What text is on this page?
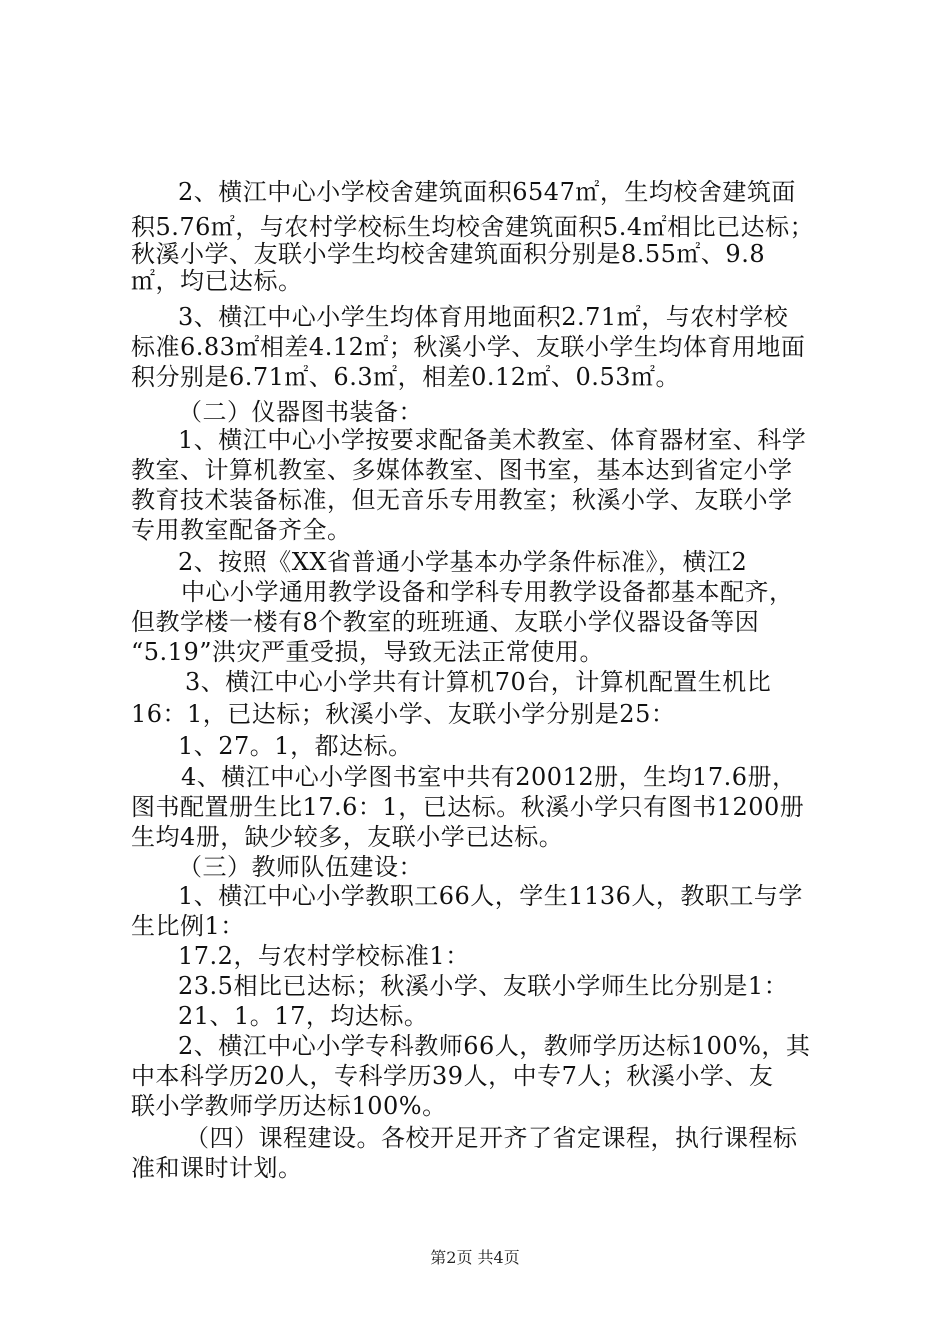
2、横江中心小学校舍建筑面积6547㎡，生均校舍建筑面
积5.76㎡，与农村学校标生均校舍建筑面积5.4㎡相比已达标；
秋溪小学、友联小学生均校舍建筑面积分别是8.55㎡、9.8
㎡，均已达标。
3、横江中心小学生均体育用地面积2.71㎡，与农村学校
标准6.83㎡相差4.12㎡；秋溪小学、友联小学生均体育用地面
积分别是6.71㎡、6.3㎡，相差0.12㎡、0.53㎡。
（二）仪器图书装备：
1、横江中心小学按要求配备美术教室、体育器材室、科学
教室、计算机教室、多媒体教室、图书室，基本达到省定小学
教育技术装备标准，但无音乐专用教室；秋溪小学、友联小学
专用教室配备齐全。
2、按照《XX省普通小学基本办学条件标准》，横江2
中心小学通用教学设备和学科专用教学设备都基本配齐，
但教学楼一楼有8个教室的班班通、友联小学仪器设备等因
“5.19”洪灾严重受损，导致无法正常使用。
3、横江中心小学共有计算机70台，计算机配置生机比
16：1，已达标；秋溪小学、友联小学分别是25：
1、27。1，都达标。
4、横江中心小学图书室中共有20012册，生均17.6册，
图书配置册生比17.6：1，已达标。秋溪小学只有图书1200册
生均4册，缺少较多，友联小学已达标。
（三）教师队伍建设：
1、横江中心小学教职工66人，学生1136人，教职工与学
生比例1：
17.2，与农村学校标准1：
23.5相比已达标；秋溪小学、友联小学师生比分别是1：
21、1。17，均达标。
2、横江中心小学专科教师66人，教师学历达标100%，其
中本科学历20人，专科学历39人，中专7人；秋溪小学、友
联小学教师学历达标100%。
（四）课程建设。各校开足开齐了省定课程，执行课程标
准和课时计划。
第2页 共4页
